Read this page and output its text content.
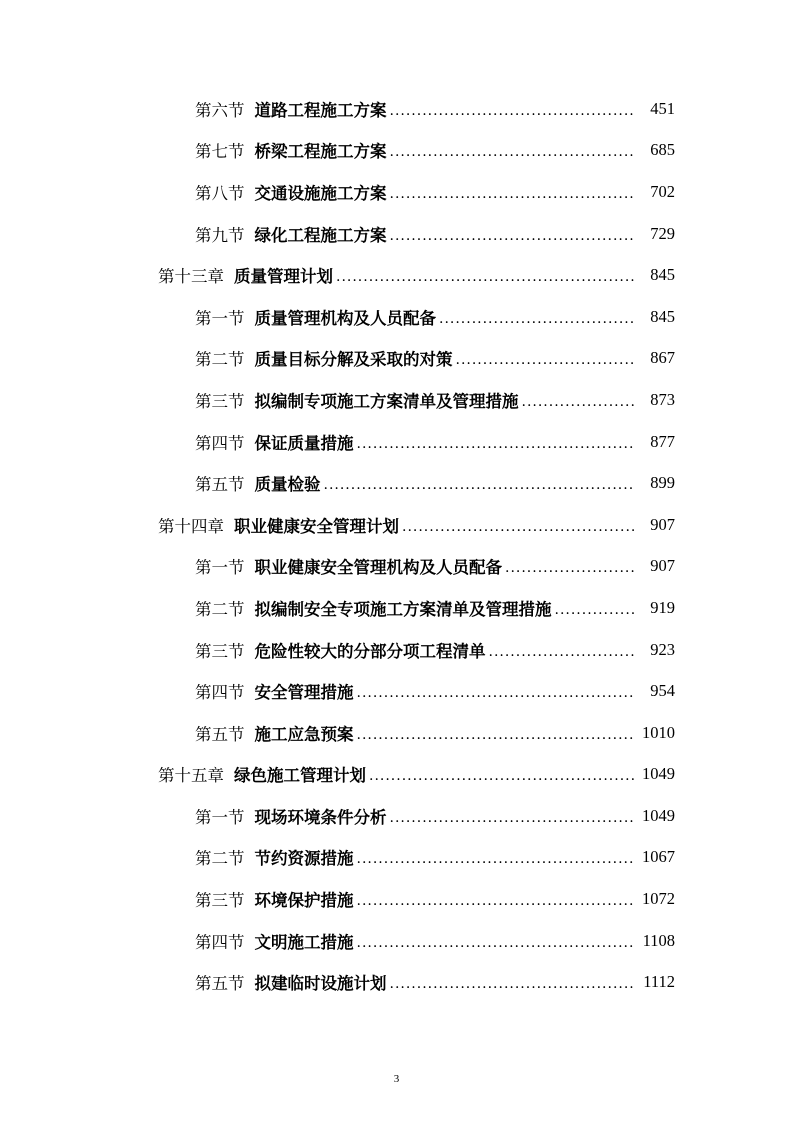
第六节 道路工程施工方案 .....	451
第七节 桥梁工程施工方案 .....	685
第八节 交通设施施工方案 .....	702
第九节 绿化工程施工方案 .....	729
第十三章 质量管理计划 .....	845
第一节 质量管理机构及人员配备 .....	845
第二节 质量目标分解及采取的对策 .....	867
第三节 拟编制专项施工方案清单及管理措施 .....	873
第四节 保证质量措施 .....	877
第五节 质量检验 .....	899
第十四章 职业健康安全管理计划 .....	907
第一节 职业健康安全管理机构及人员配备 .....	907
第二节 拟编制安全专项施工方案清单及管理措施 .....	919
第三节 危险性较大的分部分项工程清单 .....	923
第四节 安全管理措施 .....	954
第五节 施工应急预案 .....	1010
第十五章 绿色施工管理计划 .....	1049
第一节 现场环境条件分析 .....	1049
第二节 节约资源措施 .....	1067
第三节 环境保护措施 .....	1072
第四节 文明施工措施 .....	1108
第五节 拟建临时设施计划 .....	1112
3
